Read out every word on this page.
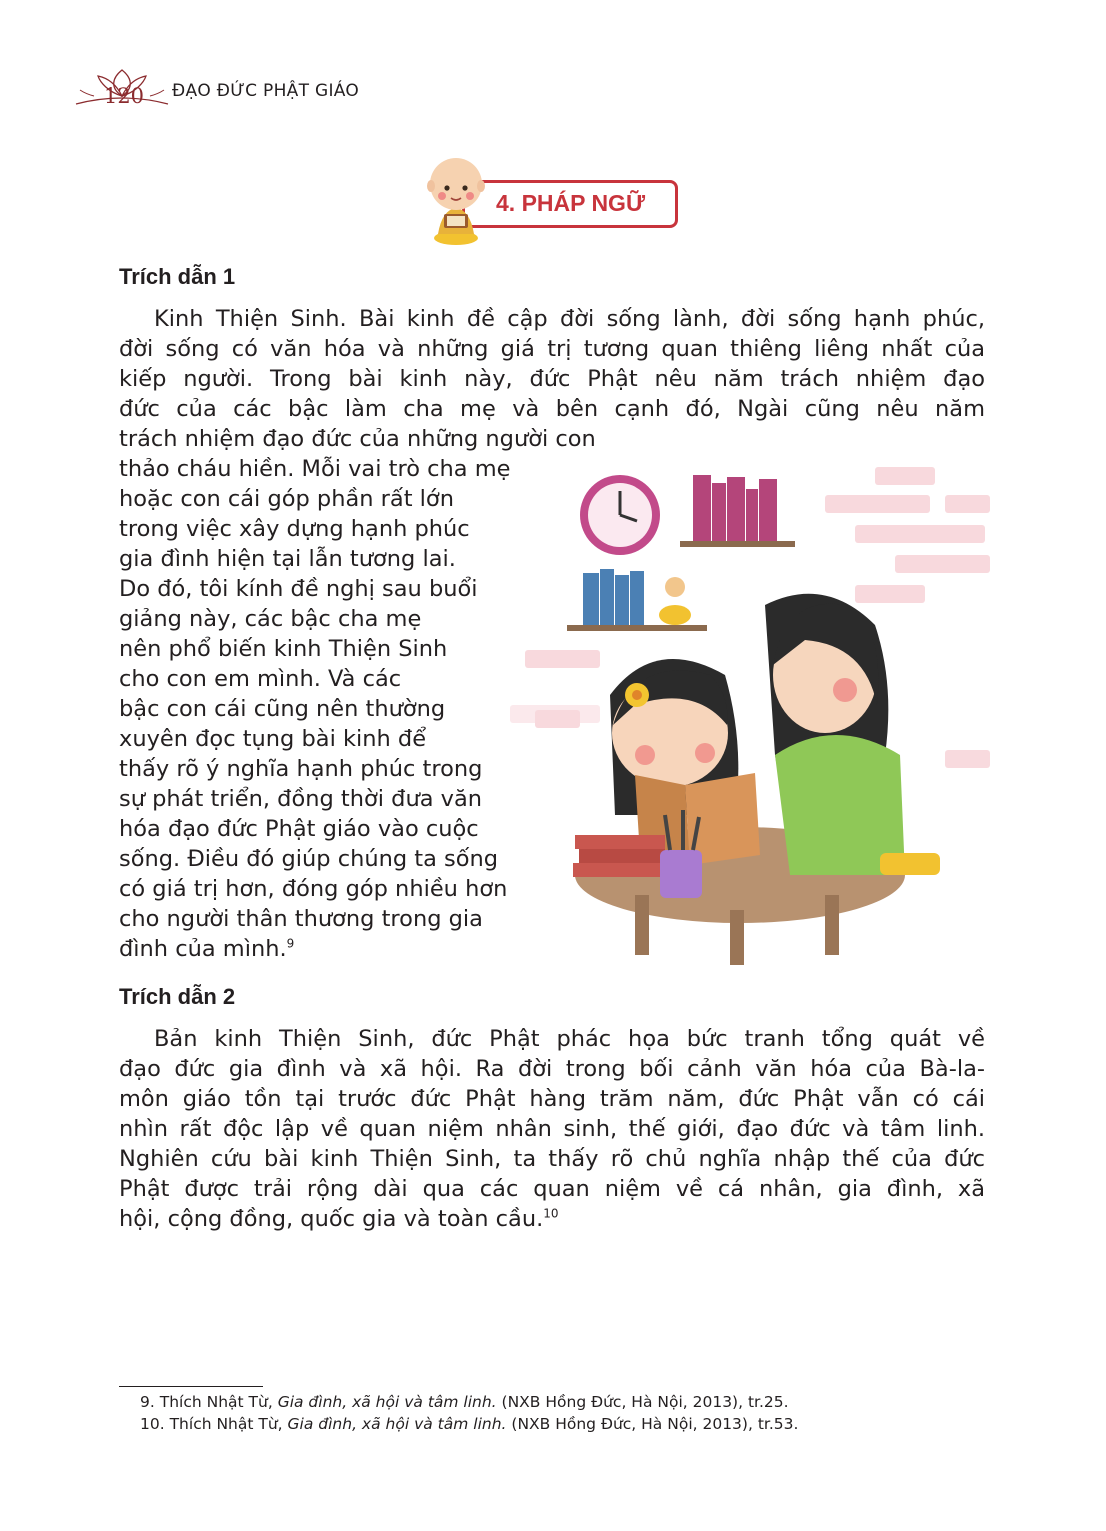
120 ĐẠO ĐỨC PHẬT GIÁO
4. PHÁP NGỮ
Trích dẫn 1
Kinh Thiện Sinh. Bài kinh đề cập đời sống lành, đời sống hạnh phúc,
đời sống có văn hóa và những giá trị tương quan thiêng liêng nhất của
kiếp người. Trong bài kinh này, đức Phật nêu năm trách nhiệm đạo
đức của các bậc làm cha mẹ và bên cạnh đó, Ngài cũng nêu năm
trách nhiệm đạo đức của những người con
thảo cháu hiền. Mỗi vai trò cha mẹ
hoặc con cái góp phần rất lớn
trong việc xây dựng hạnh phúc
gia đình hiện tại lẫn tương lai.
Do đó, tôi kính đề nghị sau buổi
giảng này, các bậc cha mẹ
nên phổ biến kinh Thiện Sinh
cho con em mình. Và các
bậc con cái cũng nên thường
xuyên đọc tụng bài kinh để
thấy rõ ý nghĩa hạnh phúc trong
sự phát triển, đồng thời đưa văn
hóa đạo đức Phật giáo vào cuộc
sống. Điều đó giúp chúng ta sống
có giá trị hơn, đóng góp nhiều hơn
cho người thân thương trong gia
đình của mình.$^9$
Trích dẫn 2
Bản kinh Thiện Sinh, đức Phật phác họa bức tranh tổng quát về
đạo đức gia đình và xã hội. Ra đời trong bối cảnh văn hóa của Bà-la-
môn giáo tồn tại trước đức Phật hàng trăm năm, đức Phật vẫn có cái
nhìn rất độc lập về quan niệm nhân sinh, thế giới, đạo đức và tâm linh.
Nghiên cứu bài kinh Thiện Sinh, ta thấy rõ chủ nghĩa nhập thế của đức
Phật được trải rộng dài qua các quan niệm về cá nhân, gia đình, xã
hội, cộng đồng, quốc gia và toàn cầu.$^{10}$
9. Thích Nhật Từ, Gia đình, xã hội và tâm linh. (NXB Hồng Đức, Hà Nội, 2013), tr.25.
10. Thích Nhật Từ, Gia đình, xã hội và tâm linh. (NXB Hồng Đức, Hà Nội, 2013), tr.53.
